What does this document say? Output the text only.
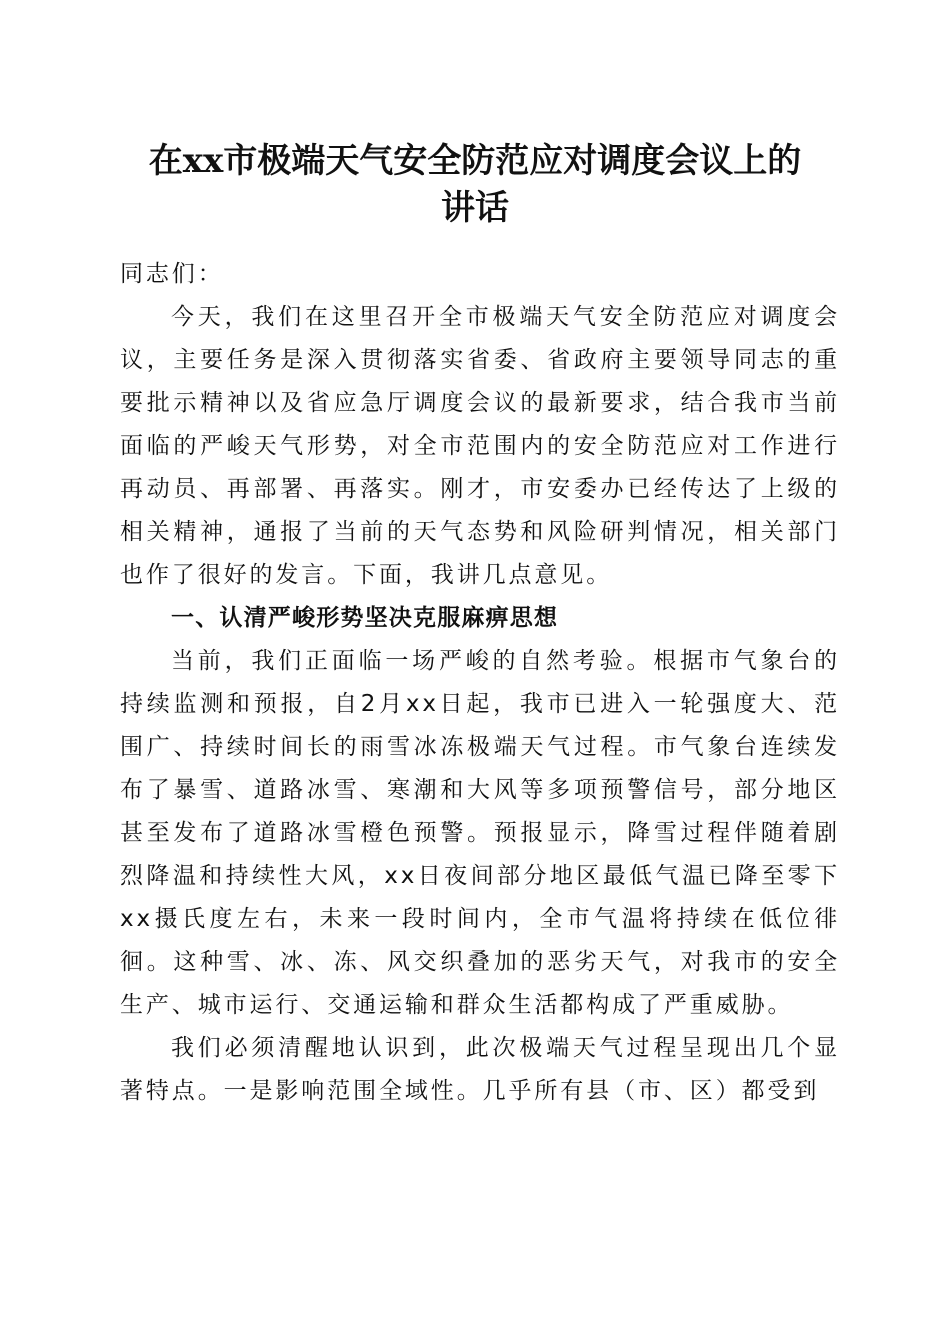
在xx市极端天气安全防范应对调度会议上的
讲话

同志们：

今天，我们在这里召开全市极端天气安全防范应对调度会议，主要任务是深入贯彻落实省委、省政府主要领导同志的重要批示精神以及省应急厅调度会议的最新要求，结合我市当前面临的严峻天气形势，对全市范围内的安全防范应对工作进行再动员、再部署、再落实。刚才，市安委办已经传达了上级的相关精神，通报了当前的天气态势和风险研判情况，相关部门也作了很好的发言。下面，我讲几点意见。

一、认清严峻形势坚决克服麻痹思想

当前，我们正面临一场严峻的自然考验。根据市气象台的持续监测和预报，自2月xx日起，我市已进入一轮强度大、范围广、持续时间长的雨雪冰冻极端天气过程。市气象台连续发布了暴雪、道路冰雪、寒潮和大风等多项预警信号，部分地区甚至发布了道路冰雪橙色预警。预报显示，降雪过程伴随着剧烈降温和持续性大风，xx日夜间部分地区最低气温已降至零下xx摄氏度左右，未来一段时间内，全市气温将持续在低位徘徊。这种雪、冰、冻、风交织叠加的恶劣天气，对我市的安全生产、城市运行、交通运输和群众生活都构成了严重威胁。

我们必须清醒地认识到，此次极端天气过程呈现出几个显著特点。一是影响范围全域性。几乎所有县（市、区）都受到
